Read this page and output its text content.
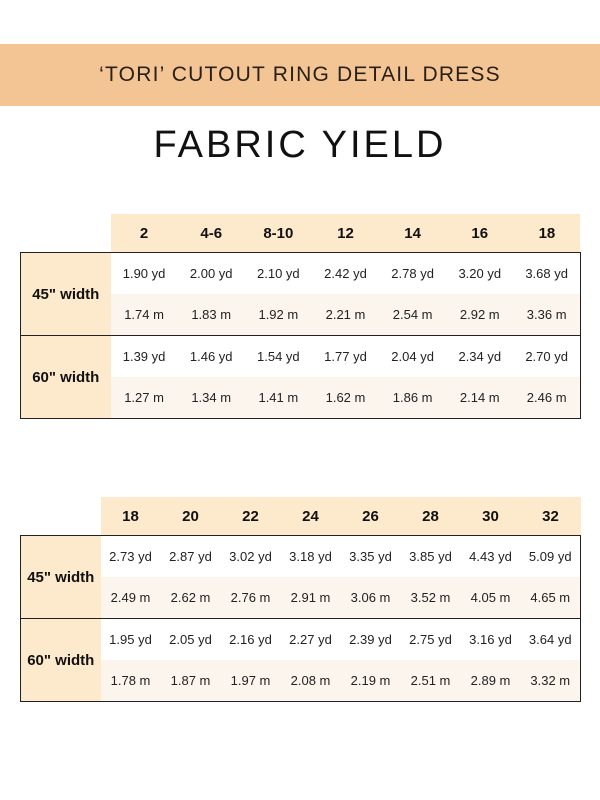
‘TORI’ CUTOUT RING DETAIL DRESS
FABRIC YIELD
	2	4-6	8-10	12	14	16	18
45" width	1.90 yd	2.00 yd	2.10 yd	2.42 yd	2.78 yd	3.20 yd	3.68 yd
	1.74 m	1.83 m	1.92 m	2.21 m	2.54 m	2.92 m	3.36 m
60" width	1.39 yd	1.46 yd	1.54 yd	1.77 yd	2.04 yd	2.34 yd	2.70 yd
	1.27 m	1.34 m	1.41 m	1.62 m	1.86 m	2.14 m	2.46 m
	18	20	22	24	26	28	30	32
45" width	2.73 yd	2.87 yd	3.02 yd	3.18 yd	3.35 yd	3.85 yd	4.43 yd	5.09 yd
	2.49 m	2.62 m	2.76 m	2.91 m	3.06 m	3.52 m	4.05 m	4.65 m
60" width	1.95 yd	2.05 yd	2.16 yd	2.27 yd	2.39 yd	2.75 yd	3.16 yd	3.64 yd
	1.78 m	1.87 m	1.97 m	2.08 m	2.19 m	2.51 m	2.89 m	3.32 m
